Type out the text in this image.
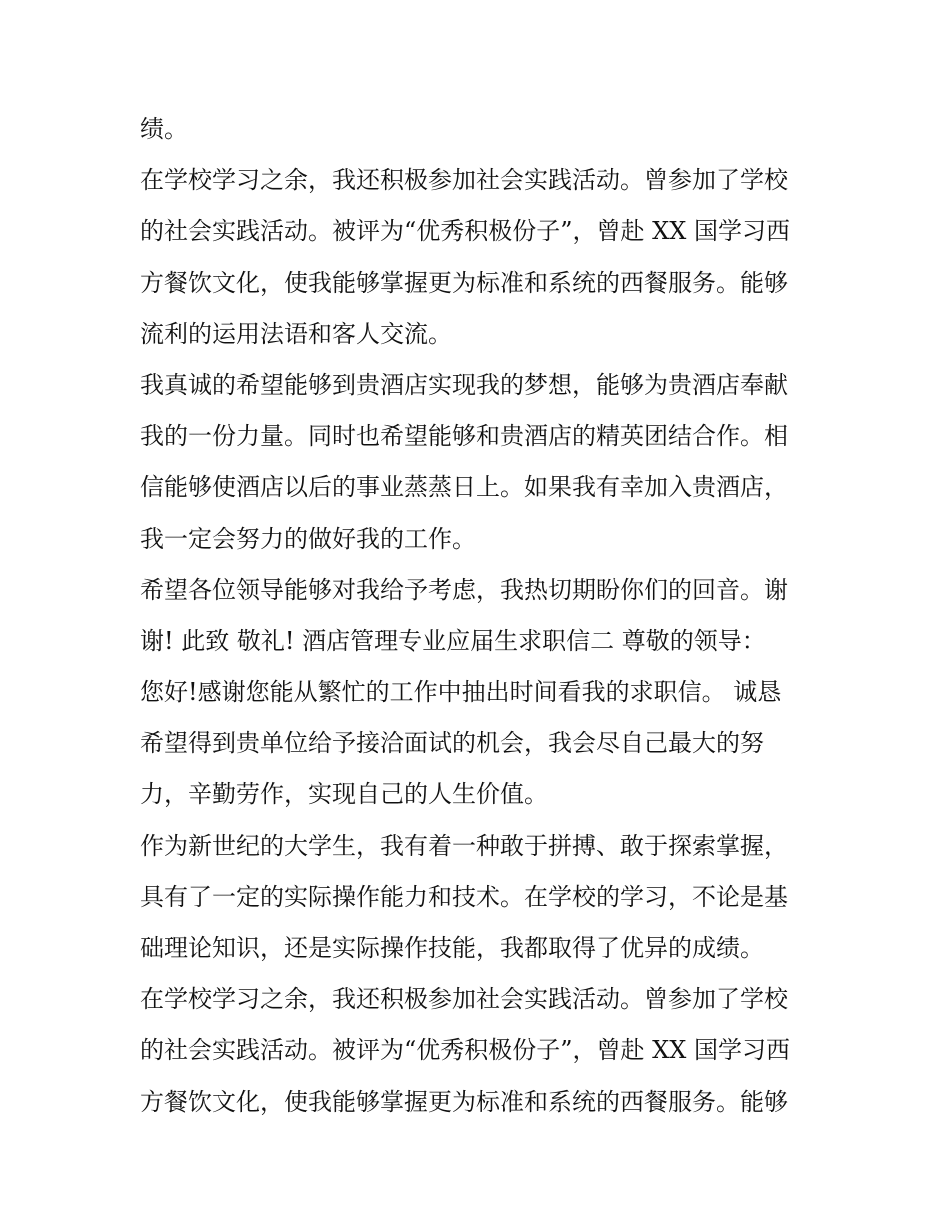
绩。
在学校学习之余，我还积极参加社会实践活动。曾参加了学校
的社会实践活动。被评为“优秀积极份子”，曾赴 XX 国学习西
方餐饮文化，使我能够掌握更为标准和系统的西餐服务。能够
流利的运用法语和客人交流。
我真诚的希望能够到贵酒店实现我的梦想，能够为贵酒店奉献
我的一份力量。同时也希望能够和贵酒店的精英团结合作。相
信能够使酒店以后的事业蒸蒸日上。如果我有幸加入贵酒店，
我一定会努力的做好我的工作。
希望各位领导能够对我给予考虑，我热切期盼你们的回音。谢
谢! 此致 敬礼! 酒店管理专业应届生求职信二 尊敬的领导：
您好!感谢您能从繁忙的工作中抽出时间看我的求职信。 诚恳
希望得到贵单位给予接洽面试的机会，我会尽自己最大的努
力，辛勤劳作，实现自己的人生价值。
作为新世纪的大学生，我有着一种敢于拼搏、敢于探索掌握，
具有了一定的实际操作能力和技术。在学校的学习，不论是基
础理论知识，还是实际操作技能，我都取得了优异的成绩。
在学校学习之余，我还积极参加社会实践活动。曾参加了学校
的社会实践活动。被评为“优秀积极份子”，曾赴 XX 国学习西
方餐饮文化，使我能够掌握更为标准和系统的西餐服务。能够
